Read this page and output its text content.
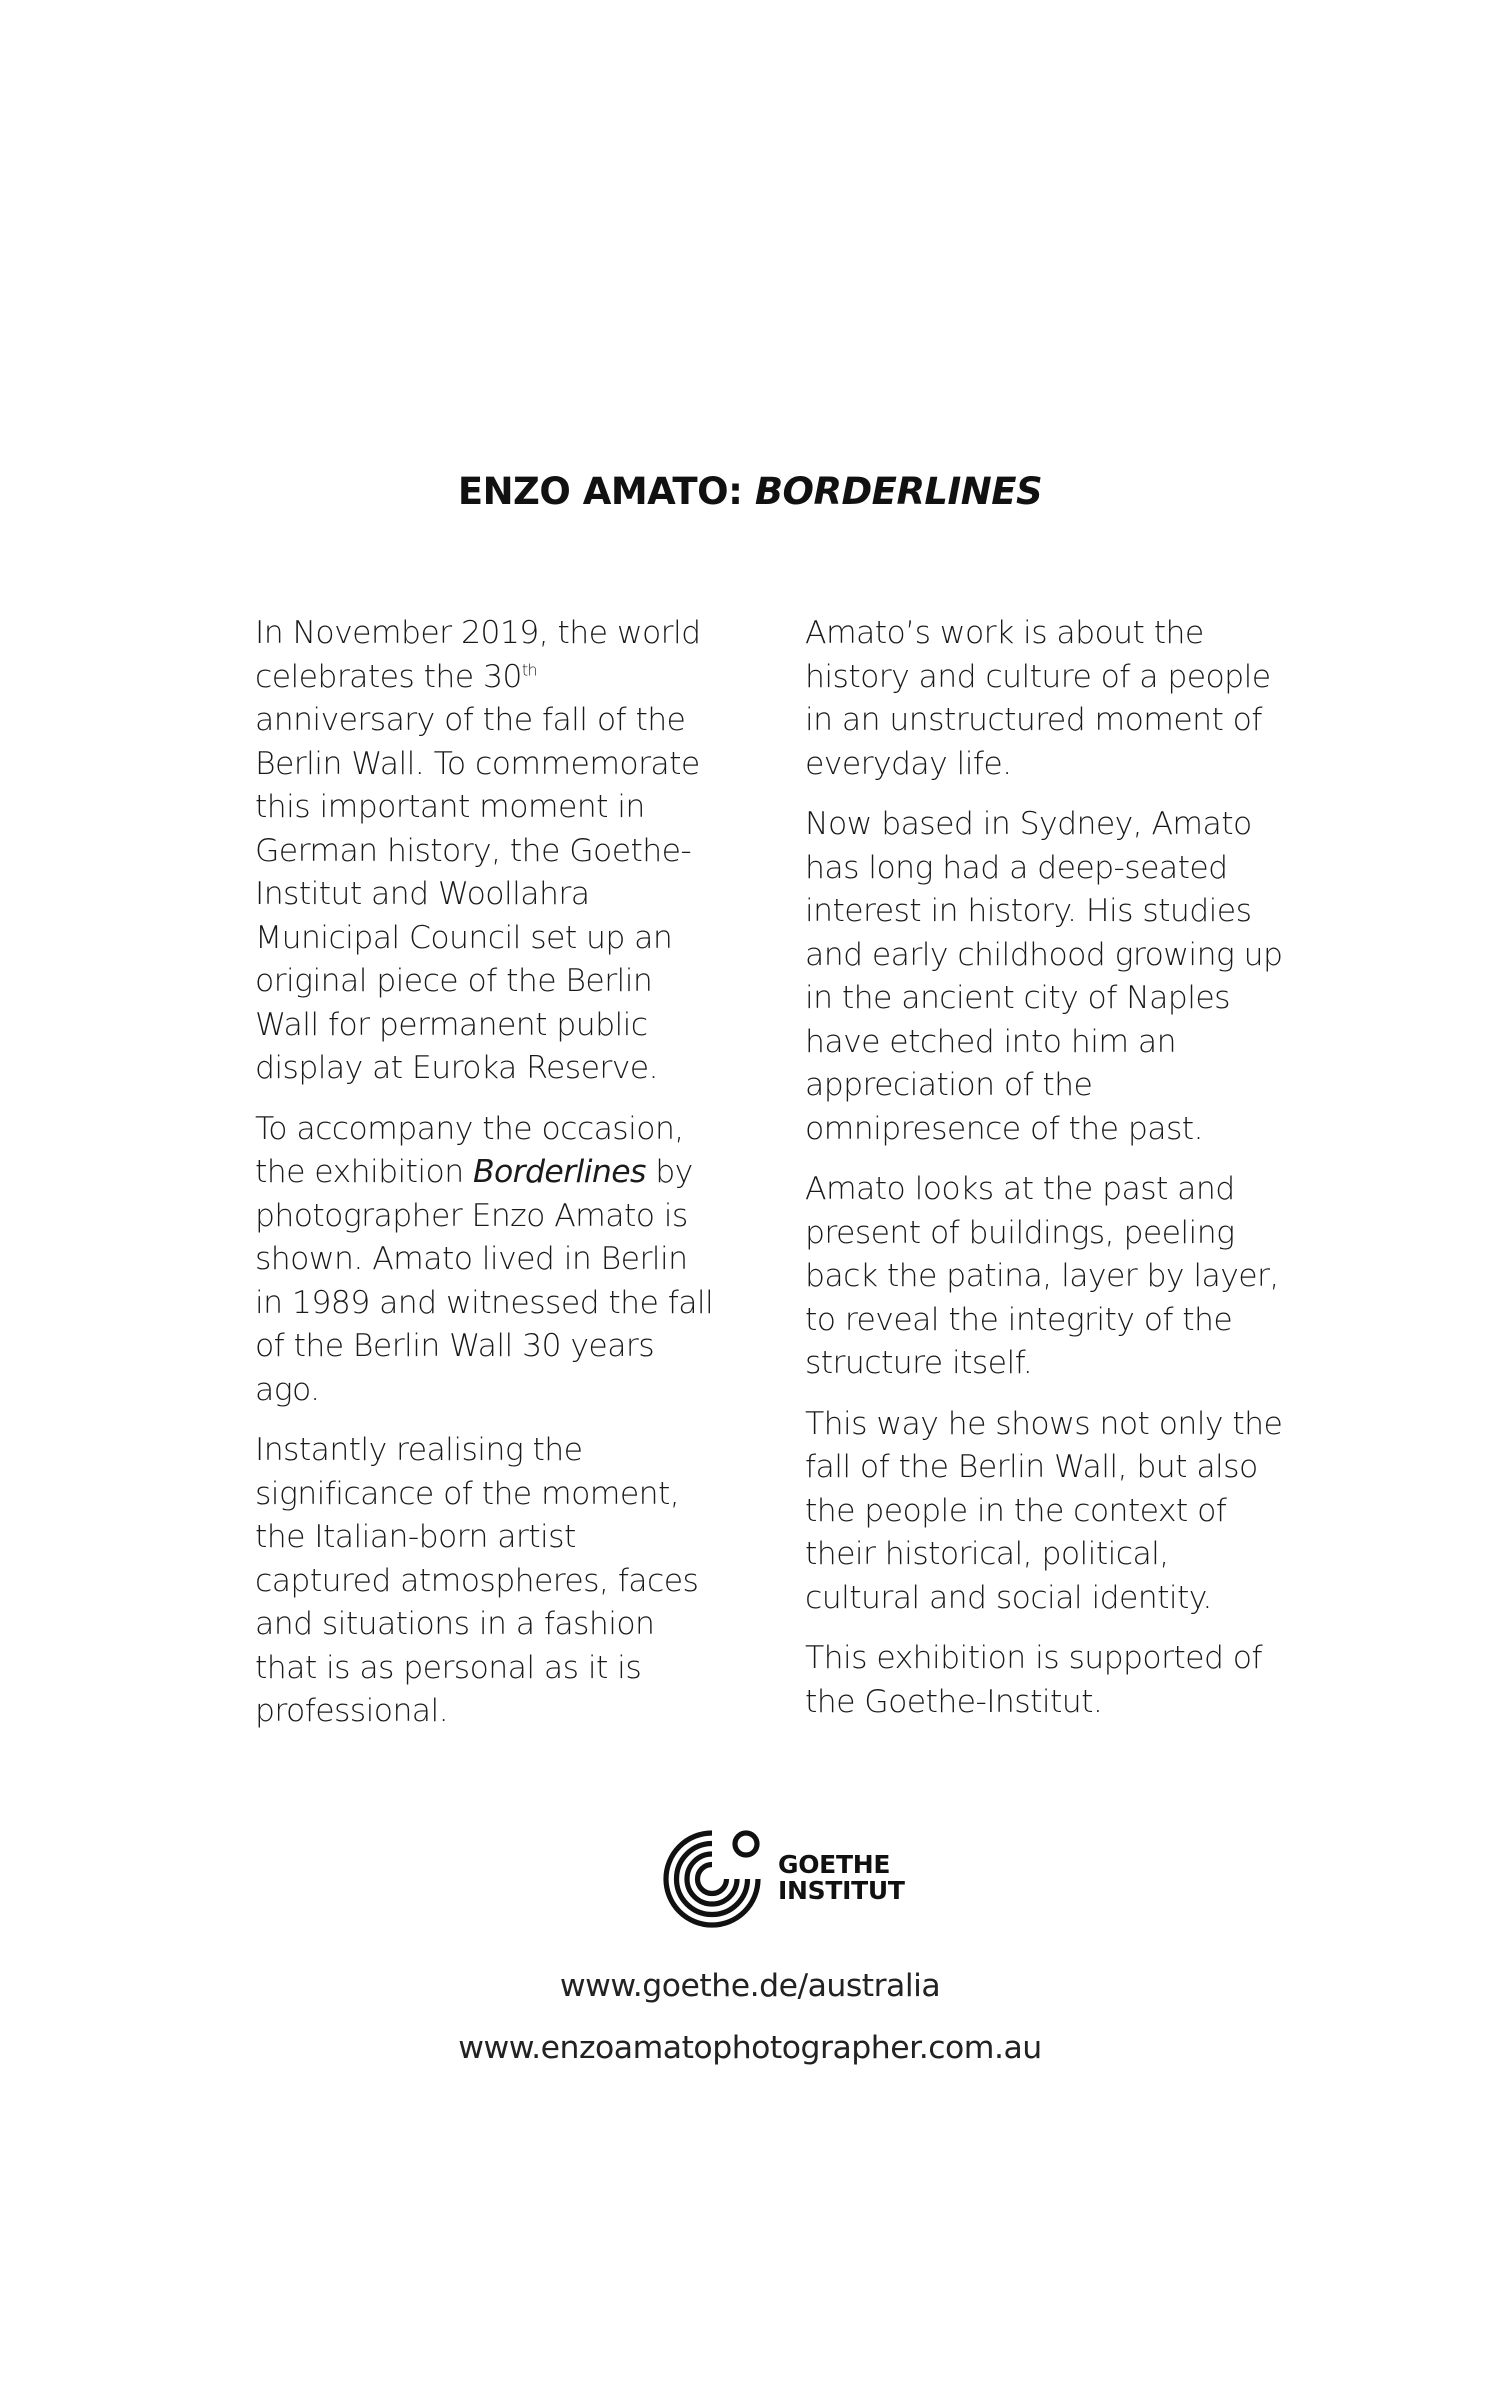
ENZO AMATO: BORDERLINES

In November 2019, the world celebrates the 30th anniversary of the fall of the Berlin Wall. To commemorate this important moment in German history, the Goethe-Institut and Woollahra Municipal Council set up an original piece of the Berlin Wall for permanent public display at Euroka Reserve.

To accompany the occasion, the exhibition Borderlines by photographer Enzo Amato is shown. Amato lived in Berlin in 1989 and witnessed the fall of the Berlin Wall 30 years ago.

Instantly realising the significance of the moment, the Italian-born artist captured atmospheres, faces and situations in a fashion that is as personal as it is professional.

Amato’s work is about the history and culture of a people in an unstructured moment of everyday life.

Now based in Sydney, Amato has long had a deep-seated interest in history. His studies and early childhood growing up in the ancient city of Naples have etched into him an appreciation of the omnipresence of the past.

Amato looks at the past and present of buildings, peeling back the patina, layer by layer, to reveal the integrity of the structure itself.

This way he shows not only the fall of the Berlin Wall, but also the people in the context of their historical, political, cultural and social identity.

This exhibition is supported of the Goethe-Institut.

GOETHE
INSTITUT
www.goethe.de/australia
www.enzoamatophotographer.com.au
